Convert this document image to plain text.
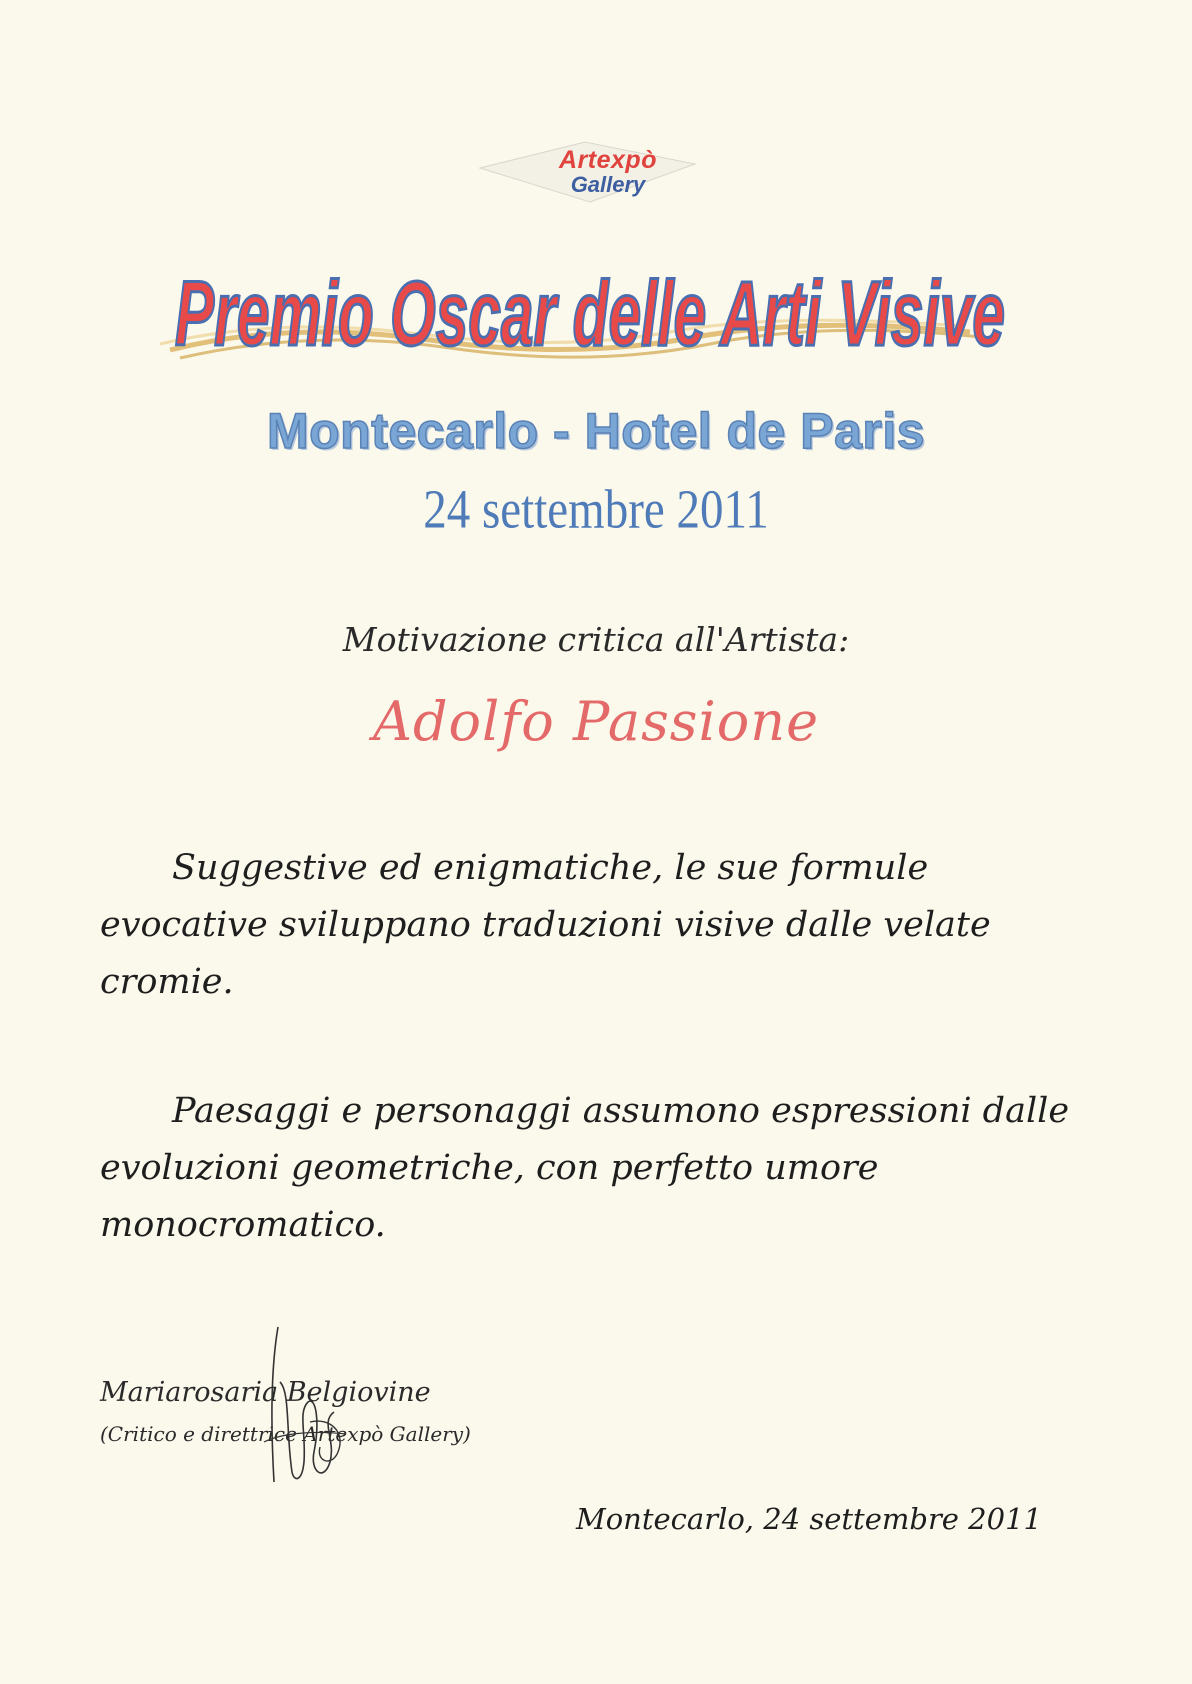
Artexpò
Gallery
Premio Oscar delle Arti Visive
Montecarlo - Hotel de Paris
24 settembre 2011
Motivazione critica all'Artista:
Adolfo Passione

Suggestive ed enigmatiche, le sue formule evocative sviluppano traduzioni visive dalle velate cromie.

Paesaggi e personaggi assumono espressioni dalle evoluzioni geometriche, con perfetto umore monocromatico.

Mariarosaria Belgiovine
(Critico e direttrice Artexpò Gallery)
Montecarlo, 24 settembre 2011
